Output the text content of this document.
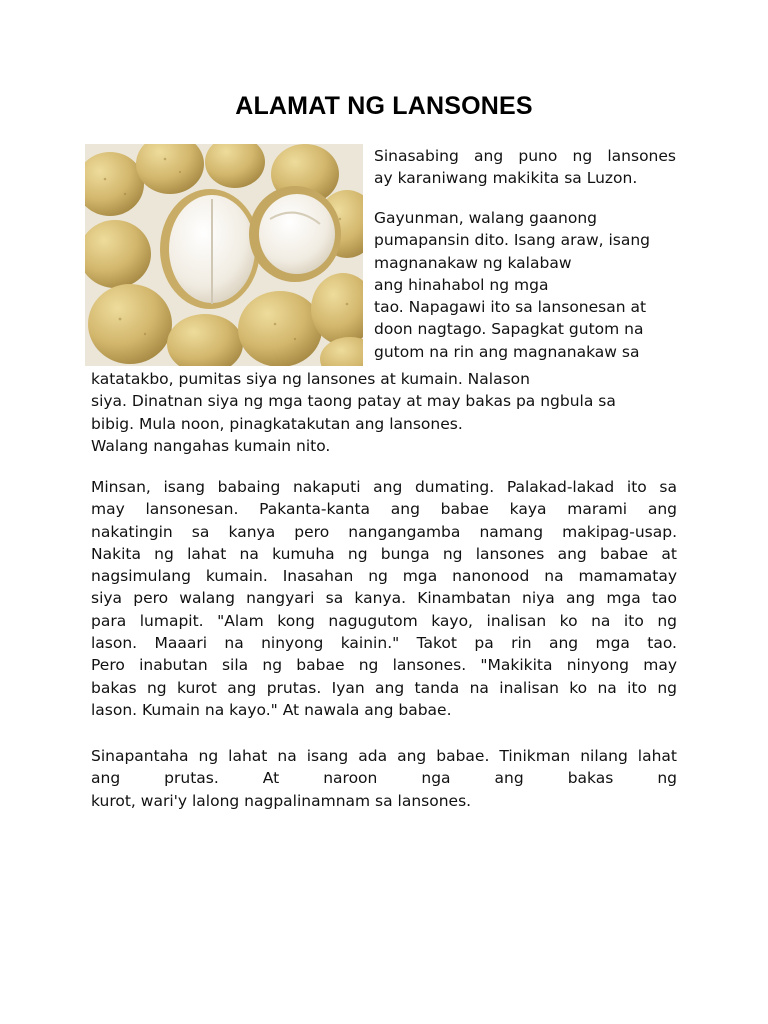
ALAMAT NG LANSONES
Sinasabing ang puno ng lansones
ay karaniwang makikita sa Luzon.
Gayunman, walang gaanong
pumapansin dito. Isang araw, isang
magnanakaw ng kalabaw
ang hinahabol ng mga
tao. Napagawi ito sa lansonesan at
doon nagtago. Sapagkat gutom na
gutom na rin ang magnanakaw sa
katatakbo, pumitas siya ng lansones at kumain. Nalason
siya. Dinatnan siya ng mga taong patay at may bakas pa ngbula sa
bibig. Mula noon, pinagkatakutan ang lansones.
Walang nangahas kumain nito.
Minsan, isang babaing nakaputi ang dumating. Palakad-lakad ito sa
may lansonesan. Pakanta-kanta ang babae kaya marami ang
nakatingin sa kanya pero nangangamba namang makipag-usap.
Nakita ng lahat na kumuha ng bunga ng lansones ang babae at
nagsimulang kumain. Inasahan ng mga nanonood na mamamatay
siya pero walang nangyari sa kanya. Kinambatan niya ang mga tao
para lumapit. "Alam kong nagugutom kayo, inalisan ko na ito ng
lason. Maaari na ninyong kainin." Takot pa rin ang mga tao.
Pero inabutan sila ng babae ng lansones. "Makikita ninyong may
bakas ng kurot ang prutas. Iyan ang tanda na inalisan ko na ito ng
lason. Kumain na kayo." At nawala ang babae.
Sinapantaha ng lahat na isang ada ang babae. Tinikman nilang lahat
ang prutas. At naroon nga ang bakas ng
kurot, wari'y lalong nagpalinamnam sa lansones.
